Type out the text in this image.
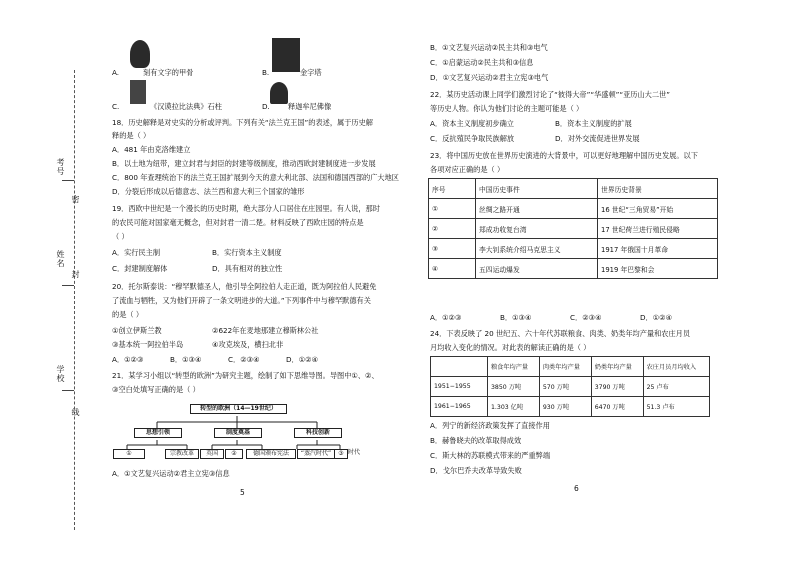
考号
姓名
学校
密
封
线
A.	刻有文字的甲骨	B.	金字塔
C.	《汉谟拉比法典》石柱	D.	释迦牟尼佛像
18．历史解释是对史实的分析或评判。下列有关“法兰克王国”的表述，属于历史解
释的是（ ）
A．481 年由克洛维建立
B．以土地为纽带，建立封君与封臣的封建等级制度，推动西欧封建制度进一步发展
C．800 年查理统治下的法兰克王国扩展到今天的意大利北部、法国和德国西部的广大地区
D．分裂后形成以后德意志、法兰西和意大利三个国家的雏形
19．西欧中世纪是一个漫长的历史时期，绝大部分人口居住在庄园里。有人说，那时
的农民可能对国家毫无概念，但对封君一清二楚。材料反映了西欧庄园的特点是
（ ）
A．实行民主制	B．实行资本主义制度
C．封建制度解体	D．具有相对的独立性
20．托尔斯泰说：“穆罕默德圣人，他引导全阿拉伯人走正道，既为阿拉伯人民避免
了流血与牺牲，又为他们开辟了一条文明进步的大道。”下列事件中与穆罕默德有关
的是（ ）
①创立伊斯兰教	②622年在麦地那建立穆斯林公社
③基本统一阿拉伯半岛	④攻克埃及，横扫北非
A．①②③	B．①③④	C．②③④	D．①②④
21．某学习小组以“转型的欧洲”为研究主题，绘制了如下思维导图。导图中①、②、
③空白处填写正确的是（ ）
转型的欧洲（14—19世纪）
思想引领	制度奠基	科技创新
①	宗教改革	英国	②	德国颁布宪法	“蒸汽时代”	③ 时代
A．①文艺复兴运动②君主立宪③信息
5
B．①文艺复兴运动②民主共和③电气
C．①启蒙运动②民主共和③信息
D．①文艺复兴运动②君主立宪③电气
22．某历史活动课上同学们激烈讨论了“彼得大帝”“华盛顿”“亚历山大二世”
等历史人物。你认为他们讨论的主题可能是（ ）
A．资本主义制度初步确立	B．资本主义制度的扩展
C．反抗殖民争取民族解放	D．对外交流促进世界发展
23．将中国历史放在世界历史演进的大背景中，可以更好地理解中国历史发展。以下
各项对应正确的是（ ）
序号	中国历史事件	世界历史背景
①	丝绸之路开通	16 世纪“三角贸易”开始
②	郑成功收复台湾	17 世纪荷兰进行殖民侵略
③	李大钊系统介绍马克思主义	1917 年俄国十月革命
④	五四运动爆发	1919 年巴黎和会
A．①②③	B．①③④	C．②③④	D．①②④
24．下表反映了 20 世纪五、六十年代苏联粮食、肉类、奶类年均产量和农庄月员
月均收入变化的情况。对此表的解读正确的是（ ）
	粮食年均产量	肉类年均产量	奶类年均产量	农庄月员月均收入
1951−1955	3850 万吨	570 万吨	3790 万吨	25 卢布
1961−1965	1.303 亿吨	930 万吨	6470 万吨	51.3 卢布
A．列宁的新经济政策发挥了直接作用
B．赫鲁晓夫的改革取得成效
C．斯大林的苏联模式带来的严重弊端
D．戈尔巴乔夫改革导致失败
6
